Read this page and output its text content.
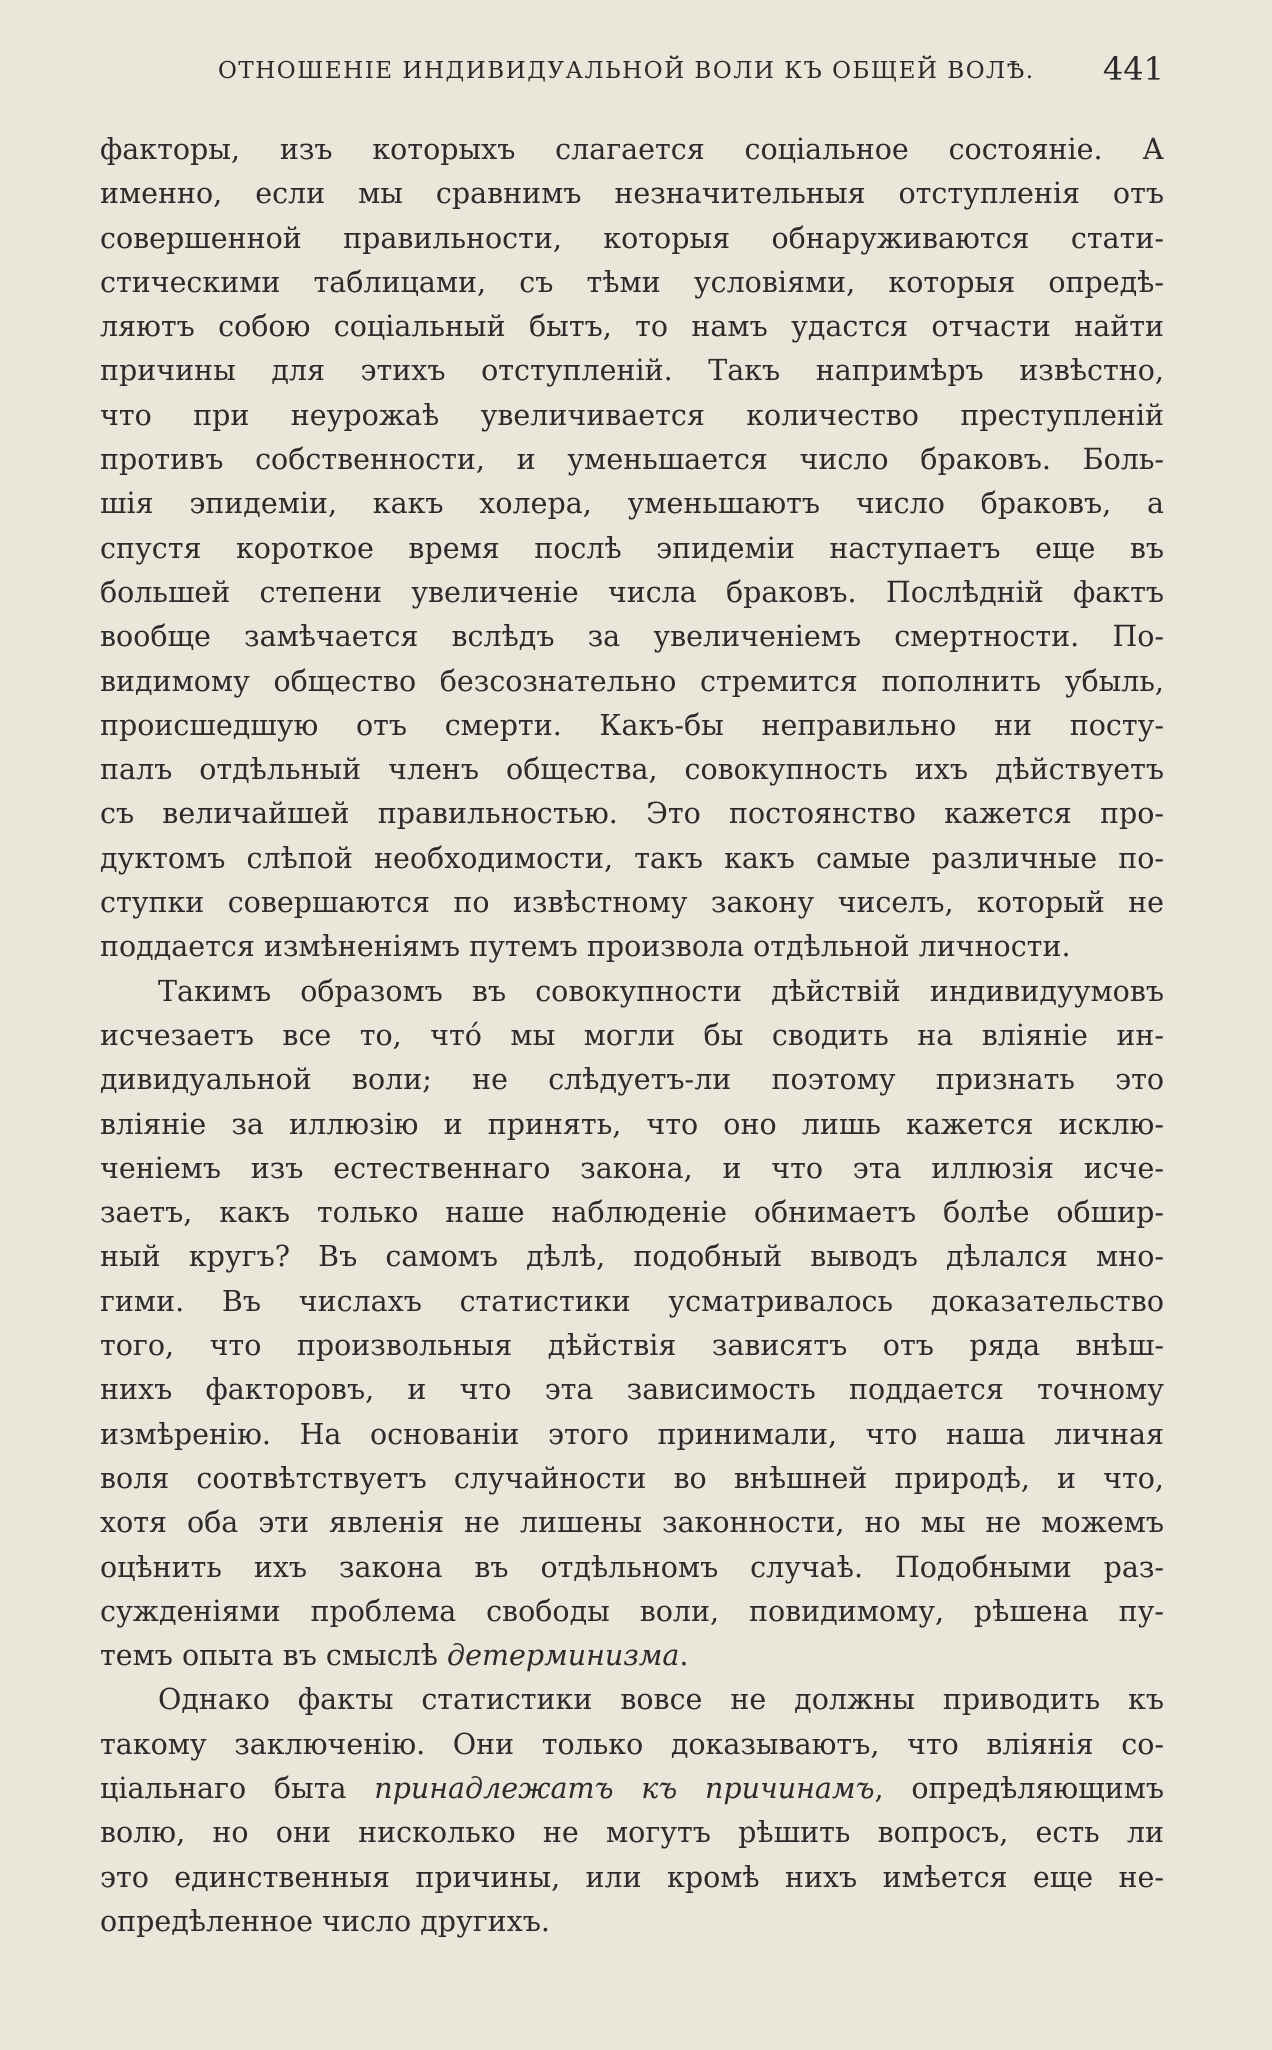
ОТНОШЕНІЕ ИНДИВИДУАЛЬНОЙ ВОЛИ КЪ ОБЩЕЙ ВОЛѢ. 441
факторы, изъ которыхъ слагается соціальное состояніе. А
именно, если мы сравнимъ незначительныя отступленія отъ
совершенной правильности, которыя обнаруживаются стати-
стическими таблицами, съ тѣми условіями, которыя опредѣ-
ляютъ собою соціальный бытъ, то намъ удастся отчасти найти
причины для этихъ отступленій. Такъ напримѣръ извѣстно,
что при неурожаѣ увеличивается количество преступленій
противъ собственности, и уменьшается число браковъ. Боль-
шія эпидеміи, какъ холера, уменьшаютъ число браковъ, а
спустя короткое время послѣ эпидеміи наступаетъ еще въ
большей степени увеличеніе числа браковъ. Послѣдній фактъ
вообще замѣчается вслѣдъ за увеличеніемъ смертности. По-
видимому общество безсознательно стремится пополнить убыль,
происшедшую отъ смерти. Какъ-бы неправильно ни посту-
палъ отдѣльный членъ общества, совокупность ихъ дѣйствуетъ
съ величайшей правильностью. Это постоянство кажется про-
дуктомъ слѣпой необходимости, такъ какъ самые различные по-
ступки совершаются по извѣстному закону чиселъ, который не
поддается измѣненіямъ путемъ произвола отдѣльной личности.
Такимъ образомъ въ совокупности дѣйствій индивидуумовъ
исчезаетъ все то, чтó мы могли бы сводить на вліяніе ин-
дивидуальной воли; не слѣдуетъ-ли поэтому признать это
вліяніе за иллюзію и принять, что оно лишь кажется исклю-
ченіемъ изъ естественнаго закона, и что эта иллюзія исче-
заетъ, какъ только наше наблюденіе обнимаетъ болѣе обшир-
ный кругъ? Въ самомъ дѣлѣ, подобный выводъ дѣлался мно-
гими. Въ числахъ статистики усматривалось доказательство
того, что произвольныя дѣйствія зависятъ отъ ряда внѣш-
нихъ факторовъ, и что эта зависимость поддается точному
измѣренію. На основаніи этого принимали, что наша личная
воля соотвѣтствуетъ случайности во внѣшней природѣ, и что,
хотя оба эти явленія не лишены законности, но мы не можемъ
оцѣнить ихъ закона въ отдѣльномъ случаѣ. Подобными раз-
сужденіями проблема свободы воли, повидимому, рѣшена пу-
темъ опыта въ смыслѣ детерминизма.
Однако факты статистики вовсе не должны приводить къ
такому заключенію. Они только доказываютъ, что вліянія со-
ціальнаго быта принадлежатъ къ причинамъ, опредѣляющимъ
волю, но они нисколько не могутъ рѣшить вопросъ, есть ли
это единственныя причины, или кромѣ нихъ имѣется еще не-
опредѣленное число другихъ.
